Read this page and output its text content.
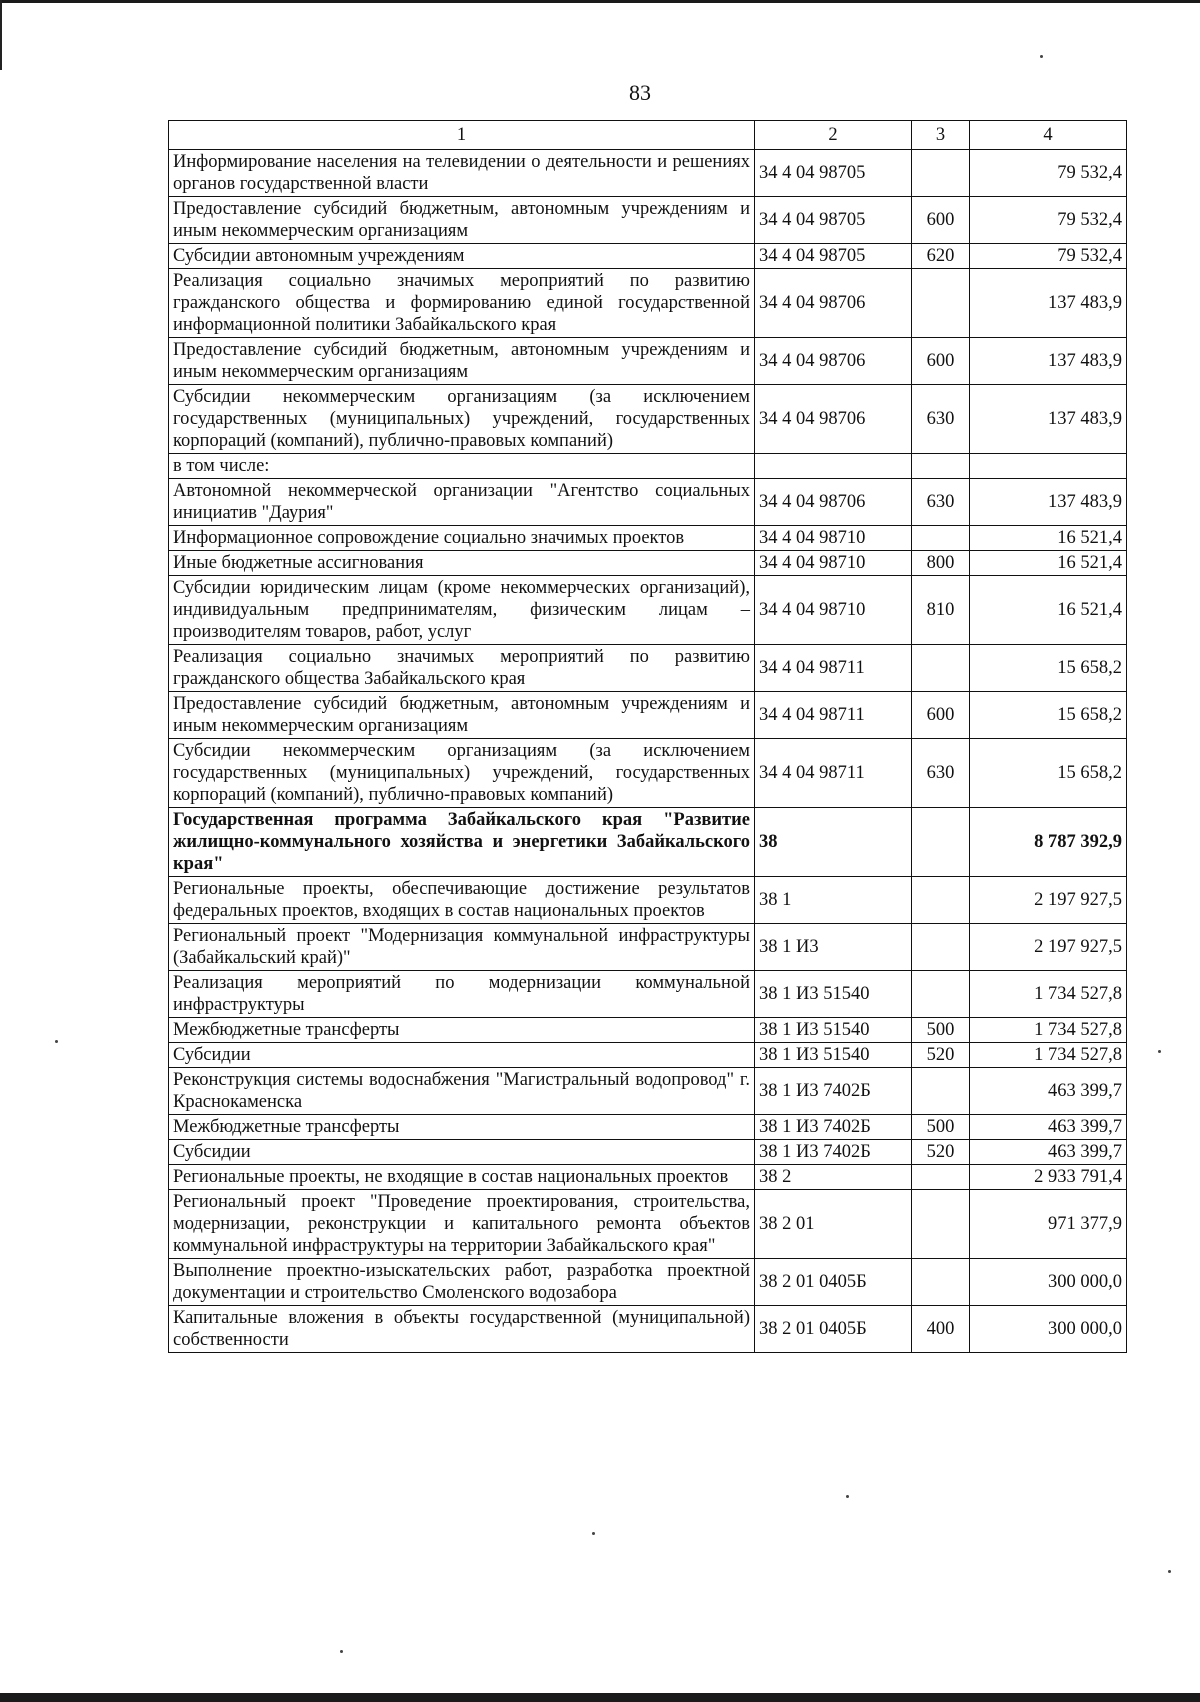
83
1	2	3	4
Информирование населения на телевидении о деятельности и решениях органов государственной власти	34 4 04 98705		79 532,4
Предоставление субсидий бюджетным, автономным учреждениям и иным некоммерческим организациям	34 4 04 98705	600	79 532,4
Субсидии автономным учреждениям	34 4 04 98705	620	79 532,4
Реализация социально значимых мероприятий по развитию гражданского общества и формированию единой государственной информационной политики Забайкальского края	34 4 04 98706		137 483,9
Предоставление субсидий бюджетным, автономным учреждениям и иным некоммерческим организациям	34 4 04 98706	600	137 483,9
Субсидии некоммерческим организациям (за исключением государственных (муниципальных) учреждений, государственных корпораций (компаний), публично-правовых компаний)	34 4 04 98706	630	137 483,9
в том числе:			
Автономной некоммерческой организации "Агентство социальных инициатив "Даурия"	34 4 04 98706	630	137 483,9
Информационное сопровождение социально значимых проектов	34 4 04 98710		16 521,4
Иные бюджетные ассигнования	34 4 04 98710	800	16 521,4
Субсидии юридическим лицам (кроме некоммерческих организаций), индивидуальным предпринимателям, физическим лицам – производителям товаров, работ, услуг	34 4 04 98710	810	16 521,4
Реализация социально значимых мероприятий по развитию гражданского общества Забайкальского края	34 4 04 98711		15 658,2
Предоставление субсидий бюджетным, автономным учреждениям и иным некоммерческим организациям	34 4 04 98711	600	15 658,2
Субсидии некоммерческим организациям (за исключением государственных (муниципальных) учреждений, государственных корпораций (компаний), публично-правовых компаний)	34 4 04 98711	630	15 658,2
Государственная программа Забайкальского края "Развитие жилищно-коммунального хозяйства и энергетики Забайкальского края"	38		8 787 392,9
Региональные проекты, обеспечивающие достижение результатов федеральных проектов, входящих в состав национальных проектов	38 1		2 197 927,5
Региональный проект "Модернизация коммунальной инфраструктуры (Забайкальский край)"	38 1 И3		2 197 927,5
Реализация мероприятий по модернизации коммунальной инфраструктуры	38 1 И3 51540		1 734 527,8
Межбюджетные трансферты	38 1 И3 51540	500	1 734 527,8
Субсидии	38 1 И3 51540	520	1 734 527,8
Реконструкция системы водоснабжения "Магистральный водопровод" г. Краснокаменска	38 1 И3 7402Б		463 399,7
Межбюджетные трансферты	38 1 И3 7402Б	500	463 399,7
Субсидии	38 1 И3 7402Б	520	463 399,7
Региональные проекты, не входящие в состав национальных проектов	38 2		2 933 791,4
Региональный проект "Проведение проектирования, строительства, модернизации, реконструкции и капитального ремонта объектов коммунальной инфраструктуры на территории Забайкальского края"	38 2 01		971 377,9
Выполнение проектно-изыскательских работ, разработка проектной документации и строительство Смоленского водозабора	38 2 01 0405Б		300 000,0
Капитальные вложения в объекты государственной (муниципальной) собственности	38 2 01 0405Б	400	300 000,0
